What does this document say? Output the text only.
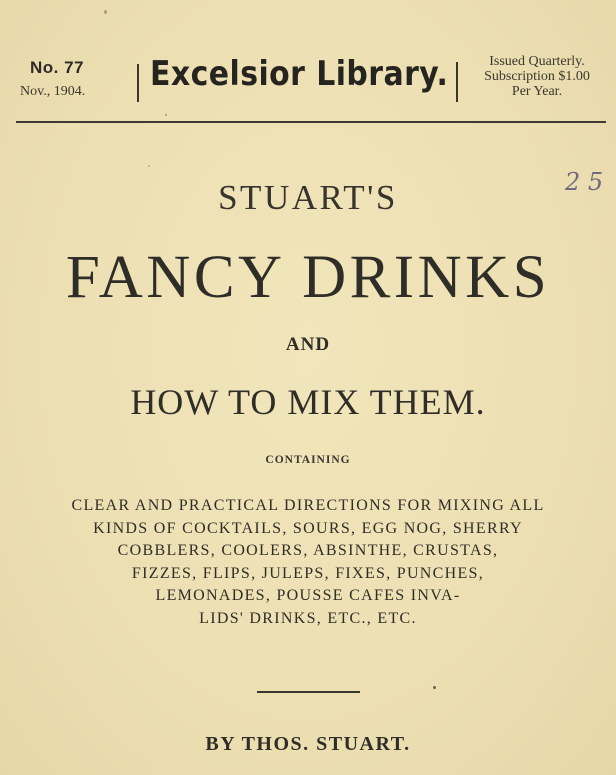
No. 77
Nov., 1904. Excelsior Library.	Issued Quarterly.
Subscription $1.00
Per Year.
2 5
STUART'S
FANCY DRINKS
AND
HOW TO MIX THEM.
CONTAINING
CLEAR AND PRACTICAL DIRECTIONS FOR MIXING ALL
KINDS OF COCKTAILS, SOURS, EGG NOG, SHERRY
COBBLERS, COOLERS, ABSINTHE, CRUSTAS,
FIZZES, FLIPS, JULEPS, FIXES, PUNCHES,
LEMONADES, POUSSE CAFES INVA-
LIDS' DRINKS, ETC., ETC.
BY THOS. STUART.
